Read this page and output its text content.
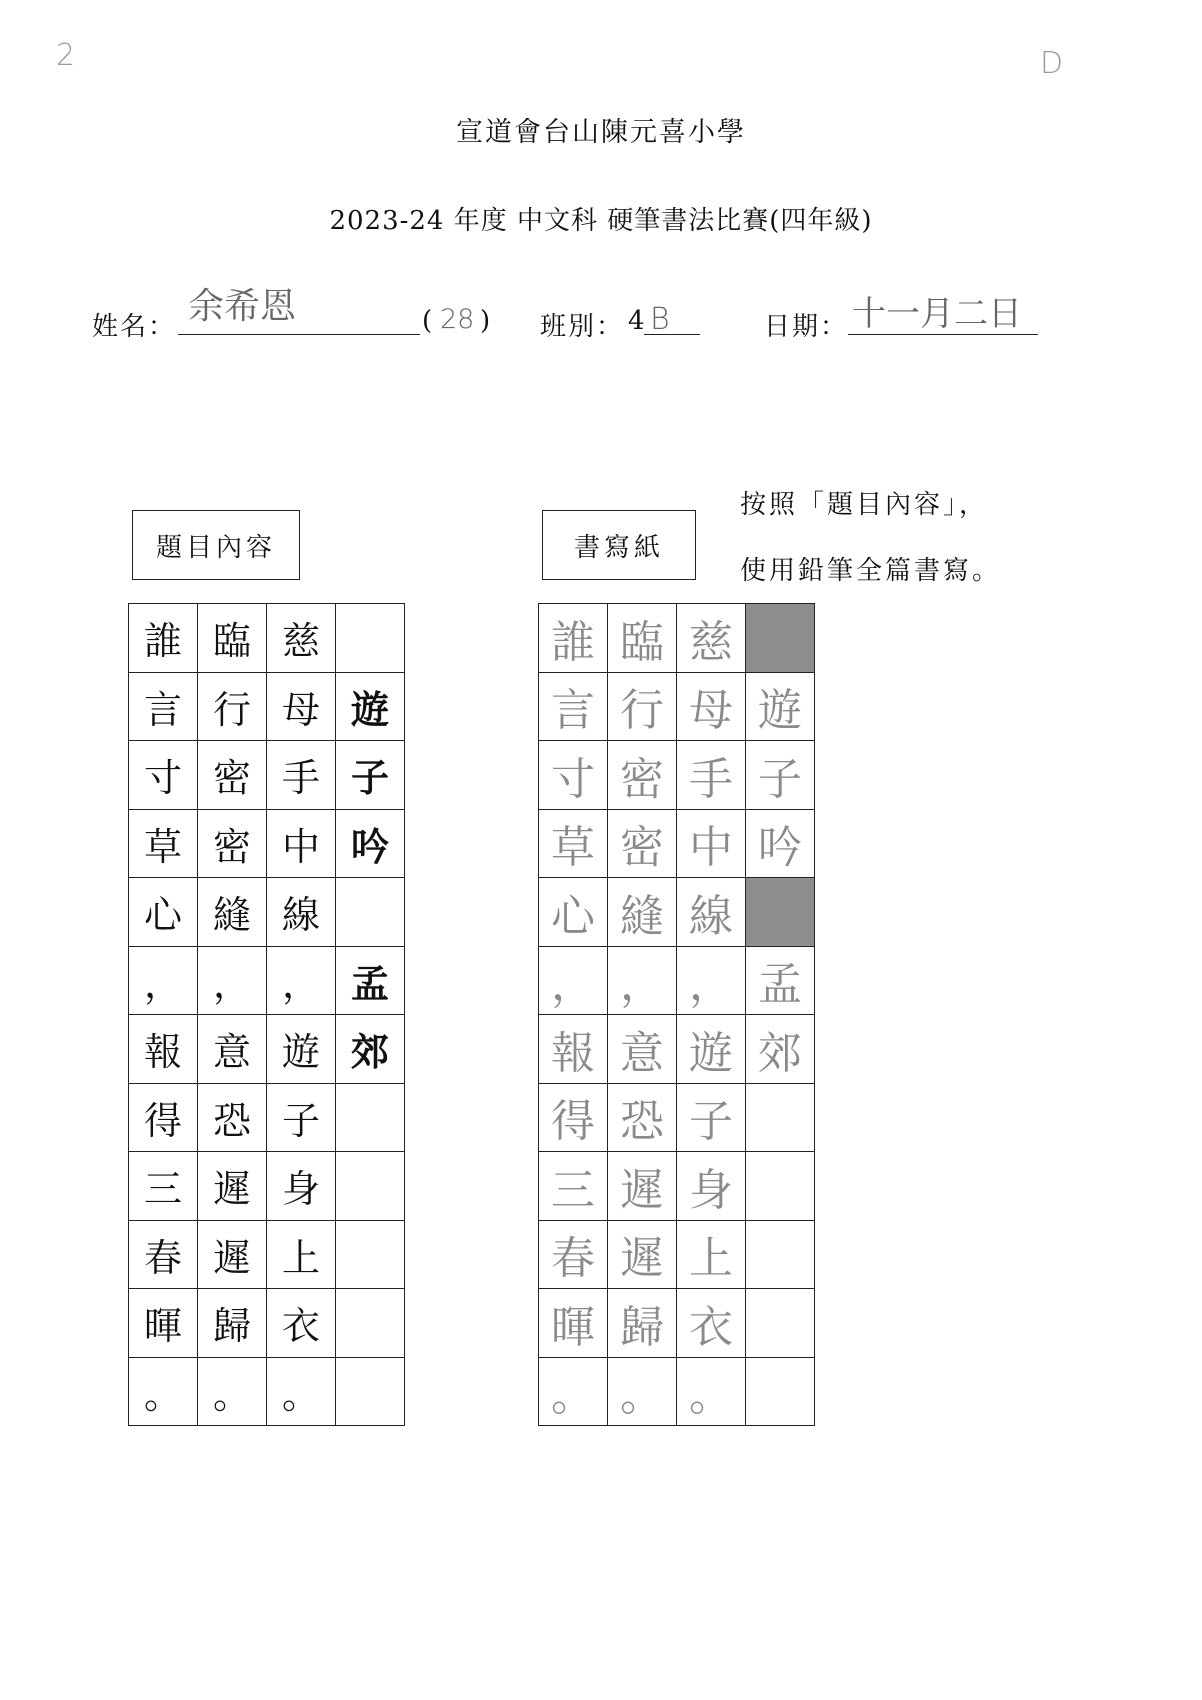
2	D
宣道會台山陳元喜小學
2023-24 年度 中文科 硬筆書法比賽(四年級)
姓名： 余希恩	( 28 ) 班別： 4 B	日期： 十一月二日
按照「題目內容」，
使用鉛筆全篇書寫。
題目內容	書寫紙
誰 臨 慈
言 行 母 遊
寸 密 手 子
草 密 中 吟
心 縫 線
， ， ， 孟
報 意 遊 郊
得 恐 子
三 遲 身
春 遲 上
暉 歸 衣
。 。 。
誰 臨 慈
言 行 母 遊
寸 密 手 子
草 密 中 吟
心 縫 線
， ， ， 孟
報 意 遊 郊
得 恐 子
三 遲 身
春 遲 上
暉 歸 衣
。 。 。
